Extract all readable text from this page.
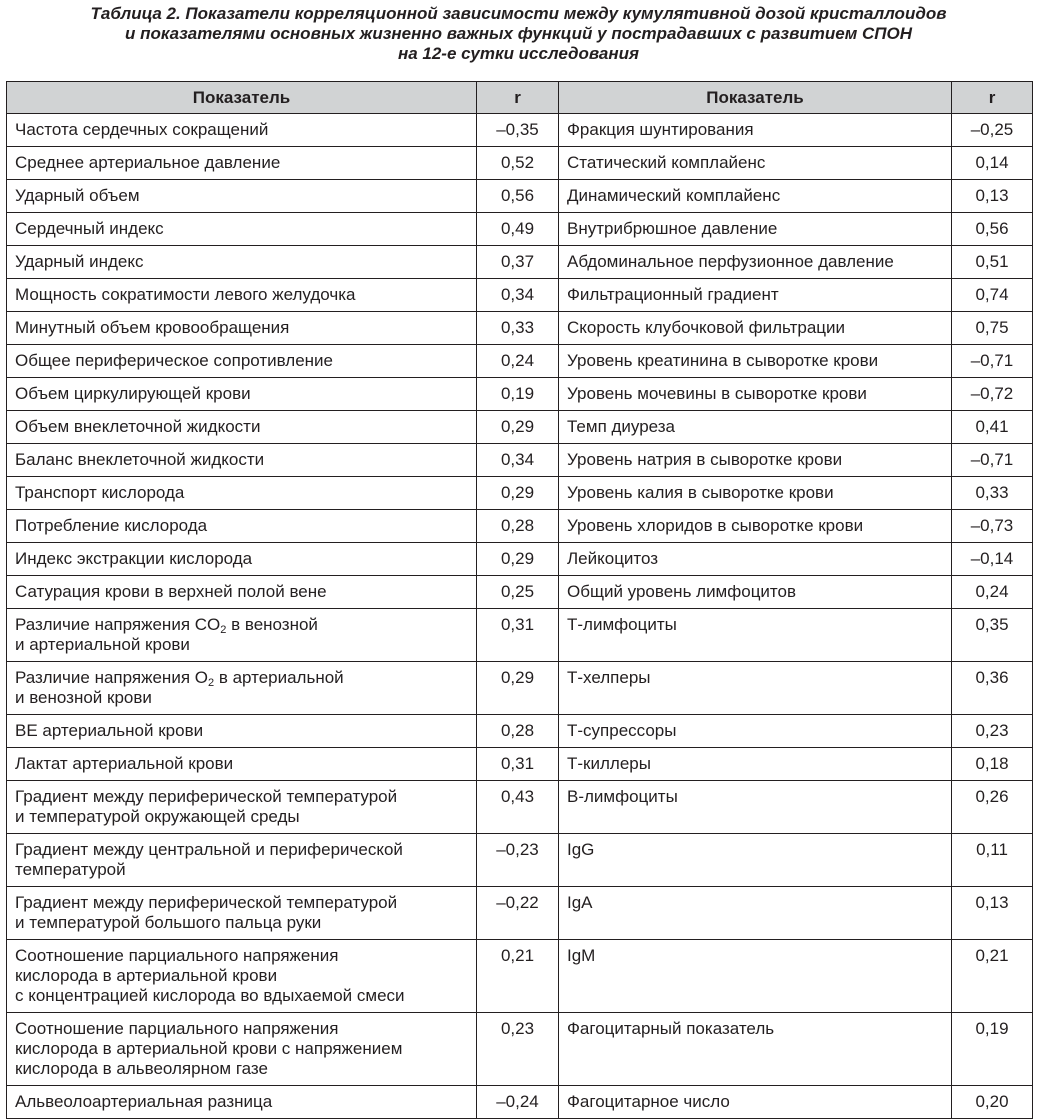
Таблица 2. Показатели корреляционной зависимости между кумулятивной дозой кристаллоидов
и показателями основных жизненно важных функций у пострадавших с развитием СПОН
на 12-е сутки исследования
Показатель	r	Показатель	r
Частота сердечных сокращений	–0,35	Фракция шунтирования	–0,25
Среднее артериальное давление	0,52	Статический комплайенс	0,14
Ударный объем	0,56	Динамический комплайенс	0,13
Сердечный индекс	0,49	Внутрибрюшное давление	0,56
Ударный индекс	0,37	Абдоминальное перфузионное давление	0,51
Мощность сократимости левого желудочка	0,34	Фильтрационный градиент	0,74
Минутный объем кровообращения	0,33	Скорость клубочковой фильтрации	0,75
Общее периферическое сопротивление	0,24	Уровень креатинина в сыворотке крови	–0,71
Объем циркулирующей крови	0,19	Уровень мочевины в сыворотке крови	–0,72
Объем внеклеточной жидкости	0,29	Темп диуреза	0,41
Баланс внеклеточной жидкости	0,34	Уровень натрия в сыворотке крови	–0,71
Транспорт кислорода	0,29	Уровень калия в сыворотке крови	0,33
Потребление кислорода	0,28	Уровень хлоридов в сыворотке крови	–0,73
Индекс экстракции кислорода	0,29	Лейкоцитоз	–0,14
Сатурация крови в верхней полой вене	0,25	Общий уровень лимфоцитов	0,24
Различие напряжения $CO_2$ в венозной
и артериальной крови	0,31	Т-лимфоциты	0,35
Различие напряжения $O_2$ в артериальной
и венозной крови	0,29	Т-хелперы	0,36
BE артериальной крови	0,28	Т-супрессоры	0,23
Лактат артериальной крови	0,31	Т-киллеры	0,18
Градиент между периферической температурой
и температурой окружающей среды	0,43	В-лимфоциты	0,26
Градиент между центральной и периферической
температурой	–0,23	IgG	0,11
Градиент между периферической температурой
и температурой большого пальца руки	–0,22	IgA	0,13
Соотношение парциального напряжения
кислорода в артериальной крови
с концентрацией кислорода во вдыхаемой смеси	0,21	IgM	0,21
Соотношение парциального напряжения
кислорода в артериальной крови с напряжением
кислорода в альвеолярном газе	0,23	Фагоцитарный показатель	0,19
Альвеолоартериальная разница	–0,24	Фагоцитарное число	0,20
